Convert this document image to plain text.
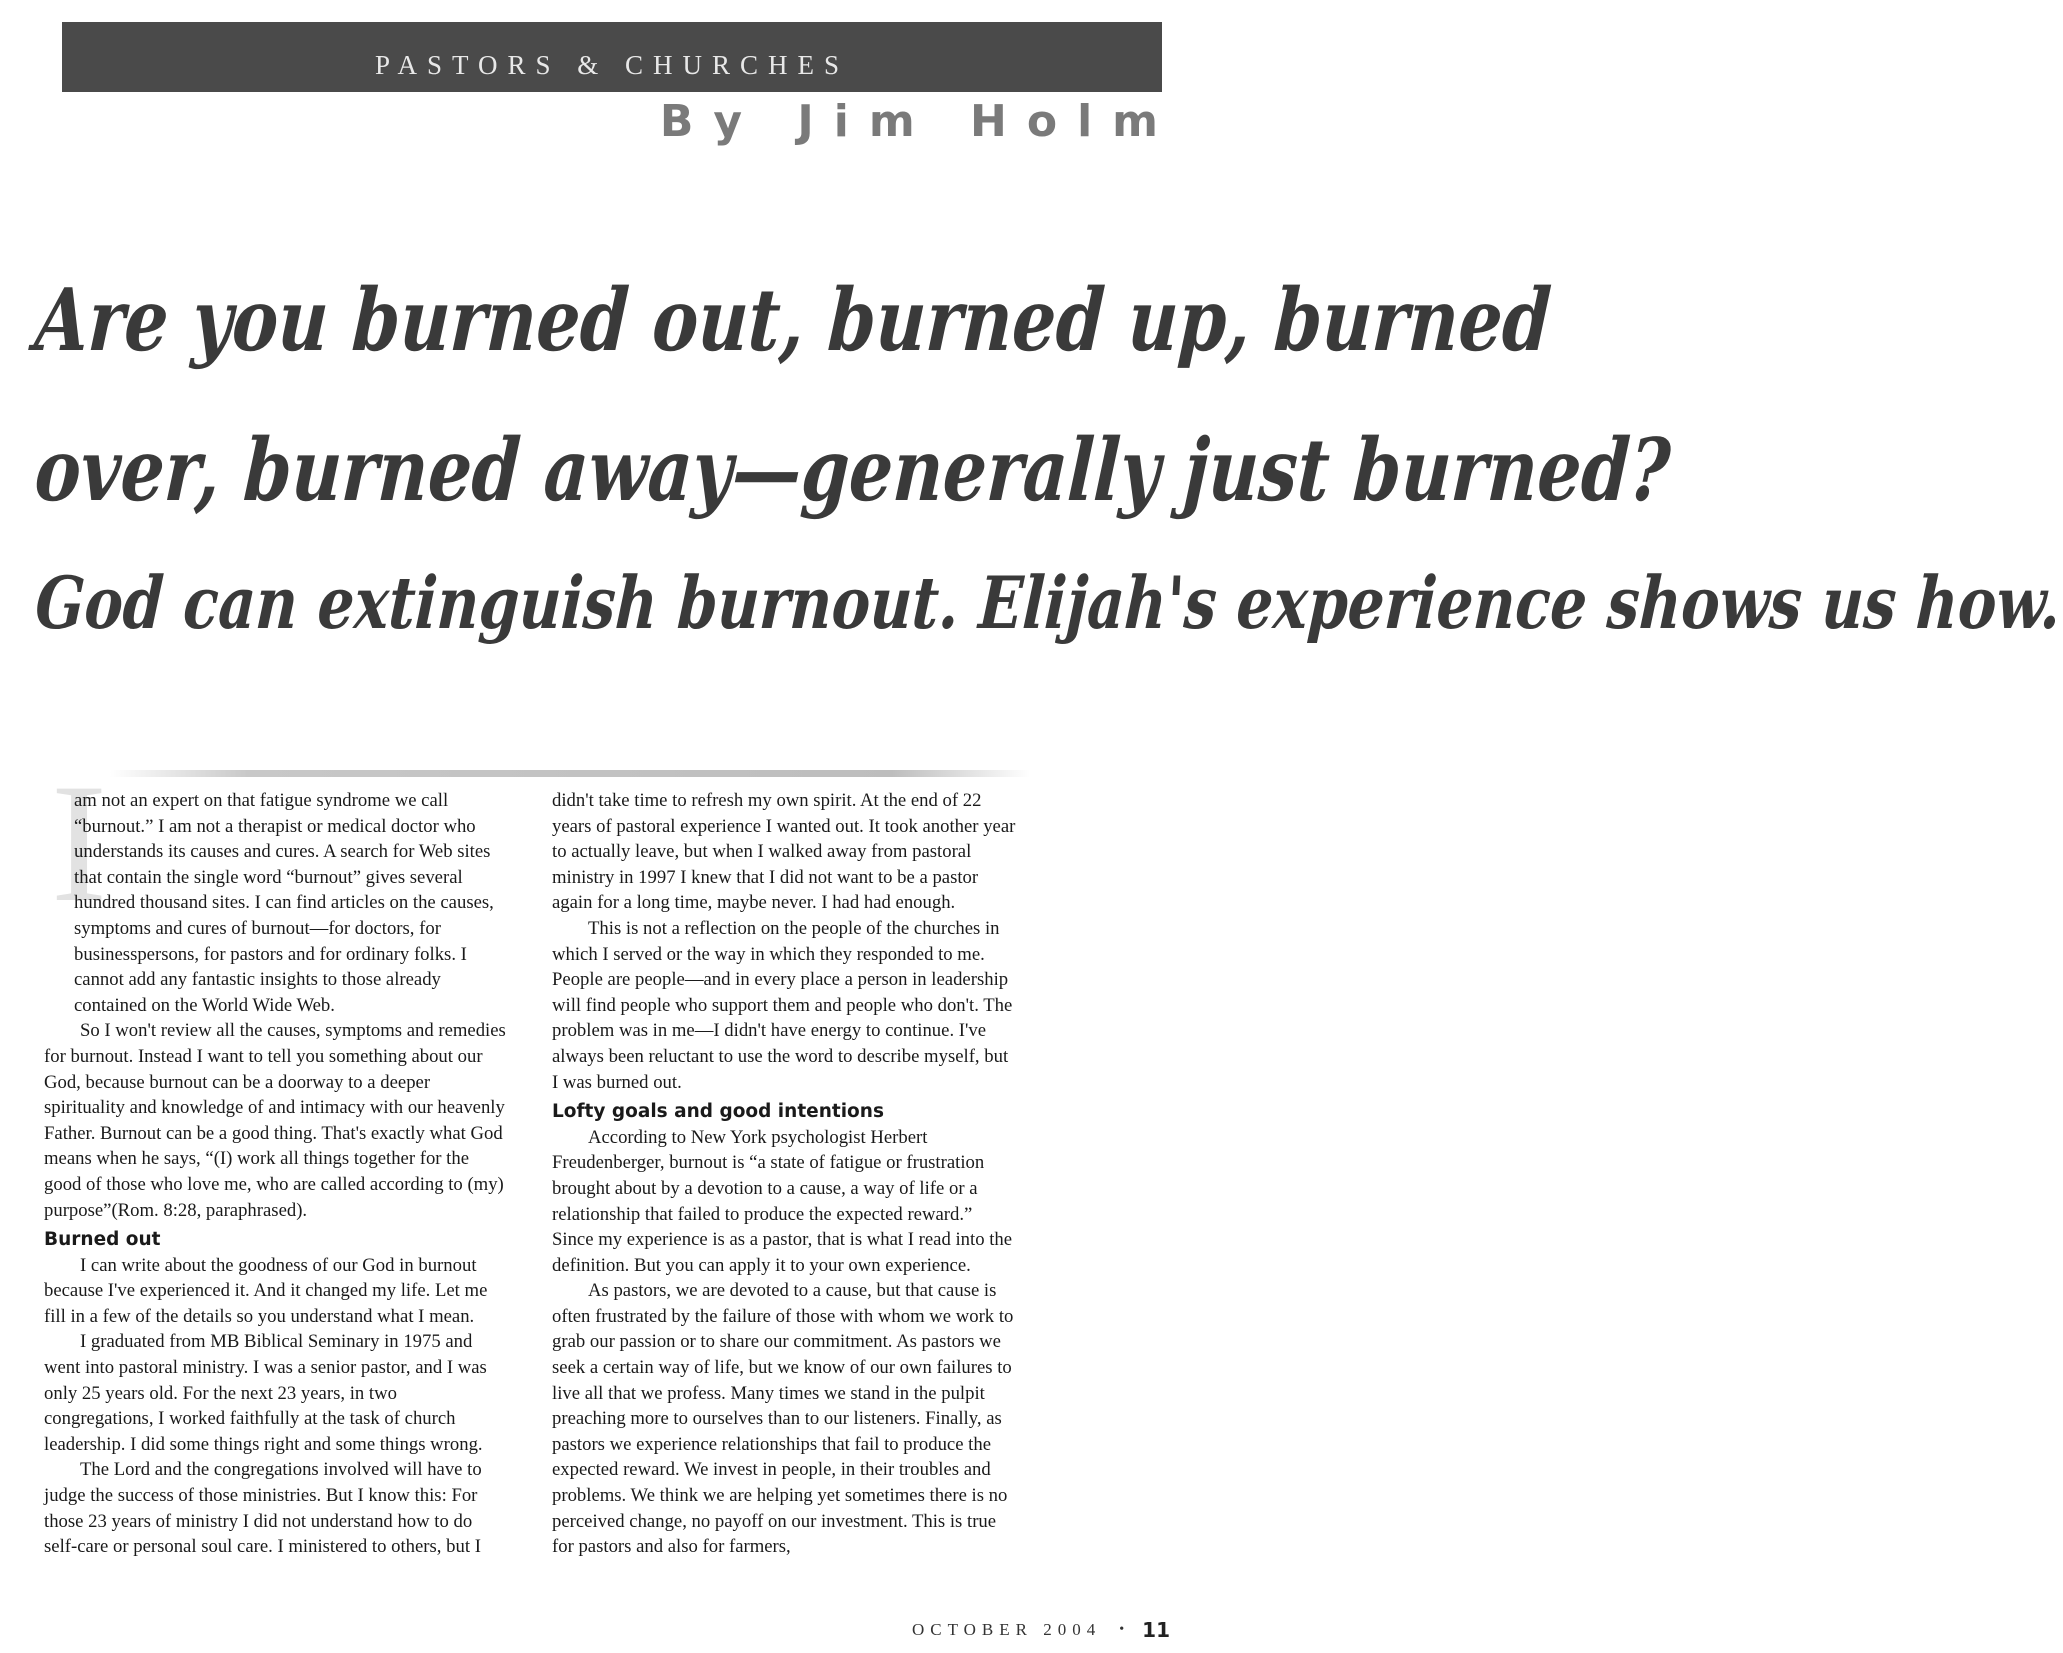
PASTORS & CHURCHES
By Jim Holm

Are you burned out, burned up, burned

over, burned away—generally just burned?

God can extinguish burnout. Elijah's experience shows us how.

I

am not an expert on that fatigue syndrome we call “burnout.” I am not a therapist or medical doctor who understands its causes and cures. A search for Web sites that contain the single word “burnout” gives several hundred thousand sites. I can find articles on the causes, symptoms and cures of burnout—for doctors, for businesspersons, for pastors and for ordinary folks. I cannot add any fantastic insights to those already contained on the World Wide Web.

So I won't review all the causes, symptoms and remedies for burnout. Instead I want to tell you something about our God, because burnout can be a doorway to a deeper spirituality and knowledge of and intimacy with our heavenly Father. Burnout can be a good thing. That's exactly what God means when he says, “(I) work all things together for the good of those who love me, who are called according to (my) purpose”(Rom. 8:28, paraphrased).

Burned out

I can write about the goodness of our God in burnout because I've experienced it. And it changed my life. Let me fill in a few of the details so you understand what I mean.

I graduated from MB Biblical Seminary in 1975 and went into pastoral ministry. I was a senior pastor, and I was only 25 years old. For the next 23 years, in two congregations, I worked faithfully at the task of church leadership. I did some things right and some things wrong.

The Lord and the congregations involved will have to judge the success of those ministries. But I know this: For those 23 years of ministry I did not understand how to do self-care or personal soul care. I ministered to others, but I

didn't take time to refresh my own spirit. At the end of 22 years of pastoral experience I wanted out. It took another year to actually leave, but when I walked away from pastoral ministry in 1997 I knew that I did not want to be a pastor again for a long time, maybe never. I had had enough.

This is not a reflection on the people of the churches in which I served or the way in which they responded to me. People are people—and in every place a person in leadership will find people who support them and people who don't. The problem was in me—I didn't have energy to continue. I've always been reluctant to use the word to describe myself, but I was burned out.

Lofty goals and good intentions

According to New York psychologist Herbert Freudenberger, burnout is “a state of fatigue or frustration brought about by a devotion to a cause, a way of life or a relationship that failed to produce the expected reward.” Since my experience is as a pastor, that is what I read into the definition. But you can apply it to your own experience.

As pastors, we are devoted to a cause, but that cause is often frustrated by the failure of those with whom we work to grab our passion or to share our commitment. As pastors we seek a certain way of life, but we know of our own failures to live all that we profess. Many times we stand in the pulpit preaching more to ourselves than to our listeners. Finally, as pastors we experience relationships that fail to produce the expected reward. We invest in people, in their troubles and problems. We think we are helping yet sometimes there is no perceived change, no payoff on our investment. This is true for pastors and also for farmers,

OCTOBER 2004 • 11
